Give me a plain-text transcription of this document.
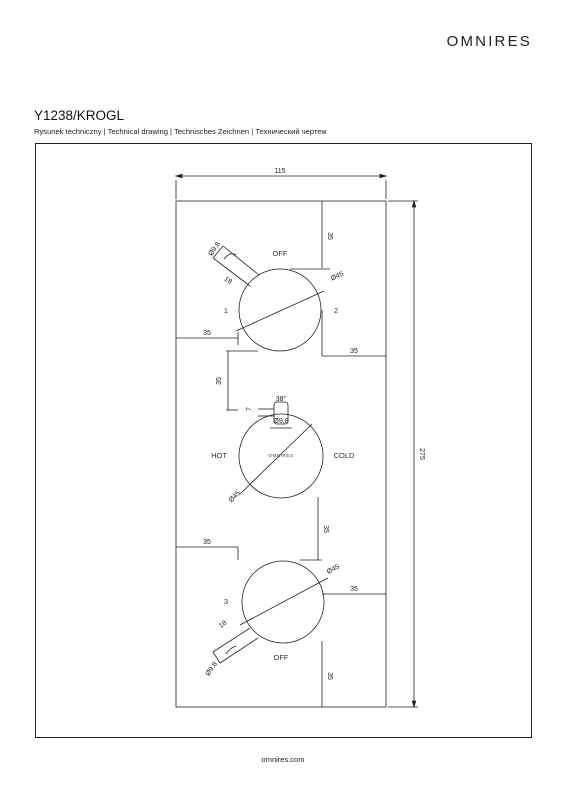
OMNIRES
Y1238/KROGL
Rysunek techniczny | Technical drawing | Technisches Zeichnen | Технический чертеж
115
275
35
35
35
35
35
35
35
35
Ø45
Ø45
Ø45
Ø9,8
18
38°
7
Ø9,8
18
Ø9,8
OFF
1	2
HOT	COLD
OMNIRES
3
OFF
omnires.com
